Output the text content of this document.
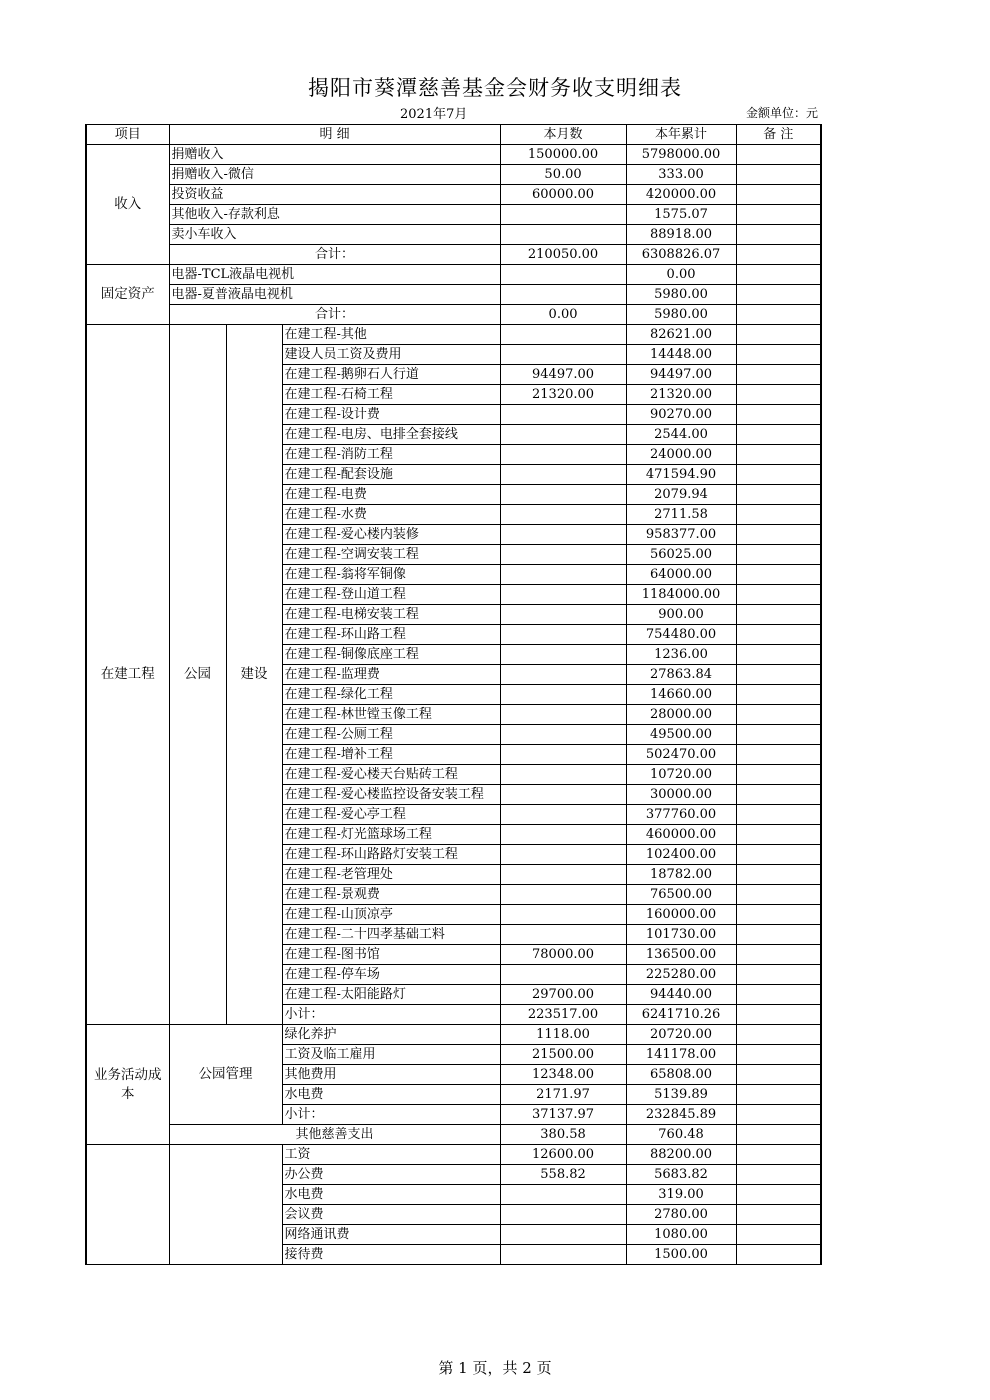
揭阳市葵潭慈善基金会财务收支明细表
2021年7月	金额单位：元
项目	明 细			本月数	本年累计	备 注
收入	捐赠收入			150000.00	5798000.00	
	捐赠收入-微信			50.00	333.00	
	投资收益			60000.00	420000.00	
	其他收入-存款利息				1575.07	
	卖小车收入				88918.00	
	合计：			210050.00	6308826.07	
固定资产	电器-TCL液晶电视机				0.00	
	电器-夏普液晶电视机				5980.00	
	合计：			0.00	5980.00	
在建工程	公园	建设	在建工程-其他		82621.00	
			建设人员工资及费用		14448.00	
			在建工程-鹅卵石人行道	94497.00	94497.00	
			在建工程-石椅工程	21320.00	21320.00	
			在建工程-设计费		90270.00	
			在建工程-电房、电排全套接线		2544.00	
			在建工程-消防工程		24000.00	
			在建工程-配套设施		471594.90	
			在建工程-电费		2079.94	
			在建工程-水费		2711.58	
			在建工程-爱心楼内装修		958377.00	
			在建工程-空调安装工程		56025.00	
			在建工程-翁将军铜像		64000.00	
			在建工程-登山道工程		1184000.00	
			在建工程-电梯安装工程		900.00	
			在建工程-环山路工程		754480.00	
			在建工程-铜像底座工程		1236.00	
			在建工程-监理费		27863.84	
			在建工程-绿化工程		14660.00	
			在建工程-林世镗玉像工程		28000.00	
			在建工程-公厕工程		49500.00	
			在建工程-增补工程		502470.00	
			在建工程-爱心楼天台贴砖工程		10720.00	
			在建工程-爱心楼监控设备安装工程		30000.00	
			在建工程-爱心亭工程		377760.00	
			在建工程-灯光篮球场工程		460000.00	
			在建工程-环山路路灯安装工程		102400.00	
			在建工程-老管理处		18782.00	
			在建工程-景观费		76500.00	
			在建工程-山顶凉亭		160000.00	
			在建工程-二十四孝基础工料		101730.00	
			在建工程-图书馆	78000.00	136500.00	
			在建工程-停车场		225280.00	
			在建工程-太阳能路灯	29700.00	94440.00	
			小计：	223517.00	6241710.26	
业务活动成本	公园管理		绿化养护	1118.00	20720.00	
			工资及临工雇用	21500.00	141178.00	
			其他费用	12348.00	65808.00	
			水电费	2171.97	5139.89	
			小计：	37137.97	232845.89	
	其他慈善支出			380.58	760.48	
			工资	12600.00	88200.00	
			办公费	558.82	5683.82	
			水电费		319.00	
			会议费		2780.00	
			网络通讯费		1080.00	
			接待费		1500.00	
第 1 页，共 2 页
